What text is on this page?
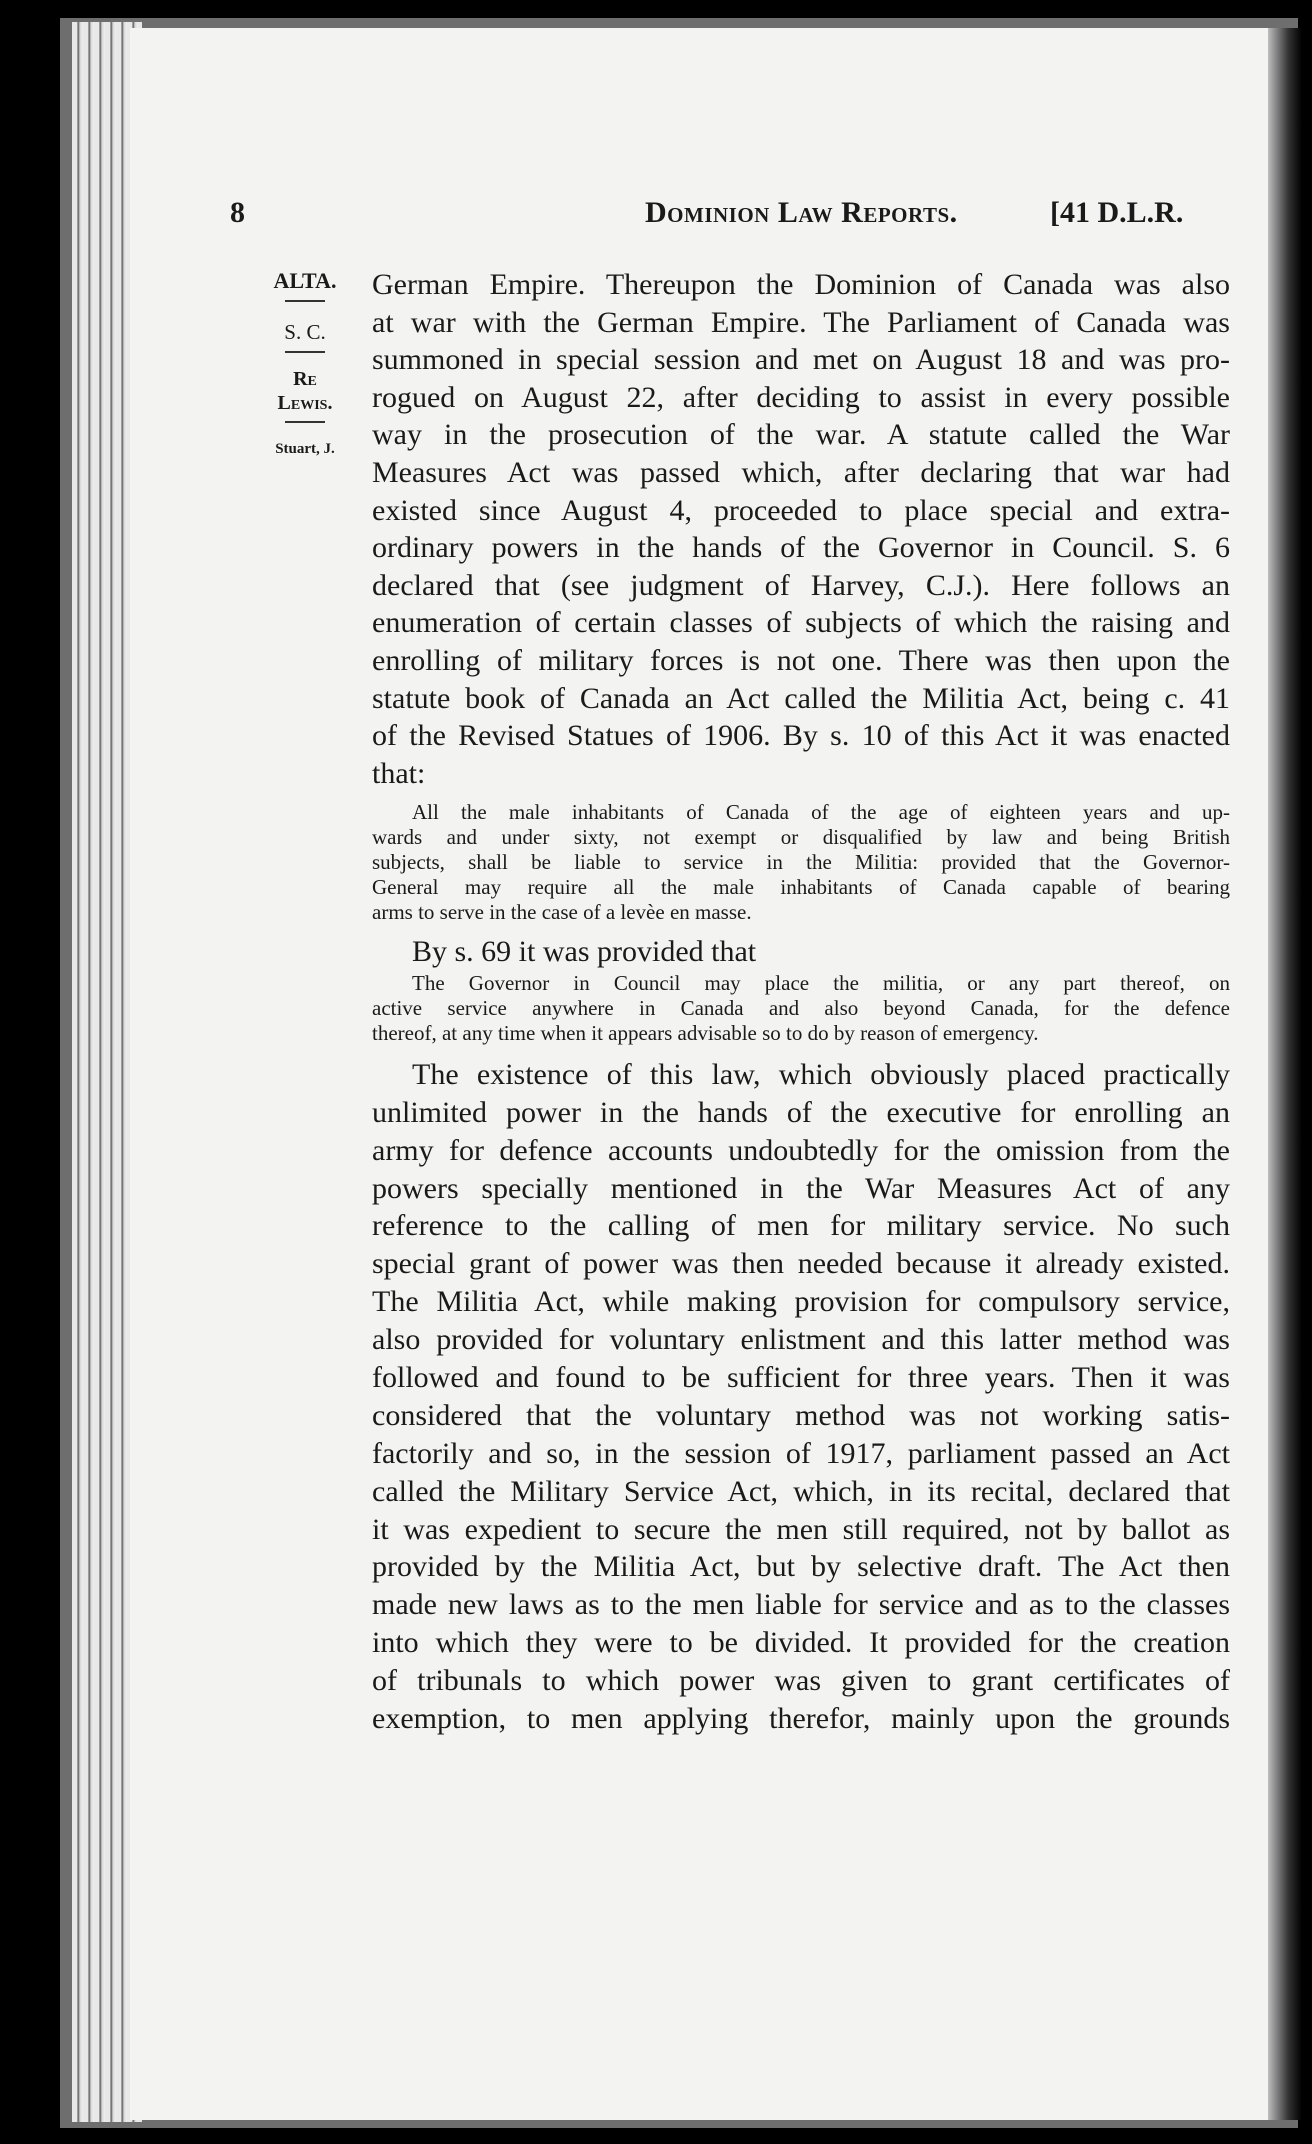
8	Dominion Law Reports.	[41 D.L.R.
ALTA.
S. C.
Re
Lewis.
Stuart, J.
German Empire. Thereupon the Dominion of Canada was also
at war with the German Empire. The Parliament of Canada was
summoned in special session and met on August 18 and was pro-
rogued on August 22, after deciding to assist in every possible
way in the prosecution of the war. A statute called the War
Measures Act was passed which, after declaring that war had
existed since August 4, proceeded to place special and extra-
ordinary powers in the hands of the Governor in Council. S. 6
declared that (see judgment of Harvey, C.J.). Here follows an
enumeration of certain classes of subjects of which the raising and
enrolling of military forces is not one. There was then upon the
statute book of Canada an Act called the Militia Act, being c. 41
of the Revised Statues of 1906. By s. 10 of this Act it was enacted
that:
All the male inhabitants of Canada of the age of eighteen years and up-
wards and under sixty, not exempt or disqualified by law and being British
subjects, shall be liable to service in the Militia: provided that the Governor-
General may require all the male inhabitants of Canada capable of bearing
arms to serve in the case of a levèe en masse.
By s. 69 it was provided that
The Governor in Council may place the militia, or any part thereof, on
active service anywhere in Canada and also beyond Canada, for the defence
thereof, at any time when it appears advisable so to do by reason of emergency.
The existence of this law, which obviously placed practically
unlimited power in the hands of the executive for enrolling an
army for defence accounts undoubtedly for the omission from the
powers specially mentioned in the War Measures Act of any
reference to the calling of men for military service. No such
special grant of power was then needed because it already existed.
The Militia Act, while making provision for compulsory service,
also provided for voluntary enlistment and this latter method was
followed and found to be sufficient for three years. Then it was
considered that the voluntary method was not working satis-
factorily and so, in the session of 1917, parliament passed an Act
called the Military Service Act, which, in its recital, declared that
it was expedient to secure the men still required, not by ballot as
provided by the Militia Act, but by selective draft. The Act then
made new laws as to the men liable for service and as to the classes
into which they were to be divided. It provided for the creation
of tribunals to which power was given to grant certificates of
exemption, to men applying therefor, mainly upon the grounds
